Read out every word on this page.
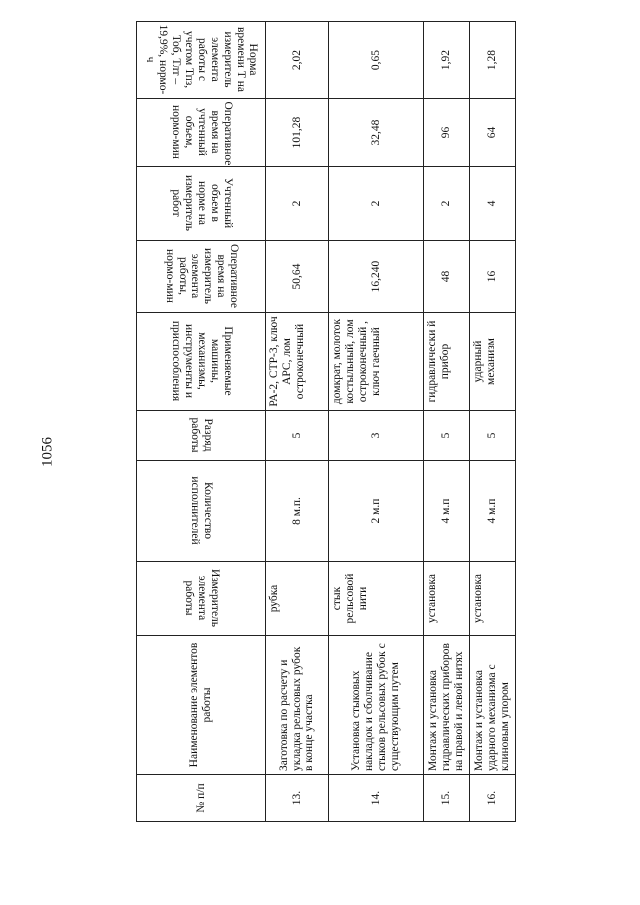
1056
№ п/п	Наименование элементов работы	Измеритель элемента работы	Количество исполнителей	Разряд работы	Применяемые машины, механизмы, инструменты и приспособления	Оперативное время на измеритель элемента работы, нормо-мин	Учтенный объем в норме на измеритель работ	Оперативное время на учтенный объем, нормо-мин	Норма времени Т на измеритель элемента работы с учетом Тпз, Тоб, Тлт – 19,9%, нормо-ч
13.	Заготовка по расчету и укладка рельсовых рубок в конце участка	рубка	8 м.п.	5	РА-2, СТР-3, ключ АРС, лом остроконечный	50,64	2	101,28	2,02
14.	Установка стыковых накладок и сболчивание стыков рельсовых рубок с существующим путем	стык рельсовой нити	2 м.п	3	домкрат, молоток костыльный, лом остроконечный , ключ гаечный	16,240	2	32,48	0,65
15.	Монтаж и установка гидравлических приборов на правой и левой нитях	установка	4 м.п	5	гидравлически й прибор	48	2	96	1,92
16.	Монтаж и установка ударного механизма с клиновым упором	установка	4 м.п	5	ударный механизм	16	4	64	1,28
